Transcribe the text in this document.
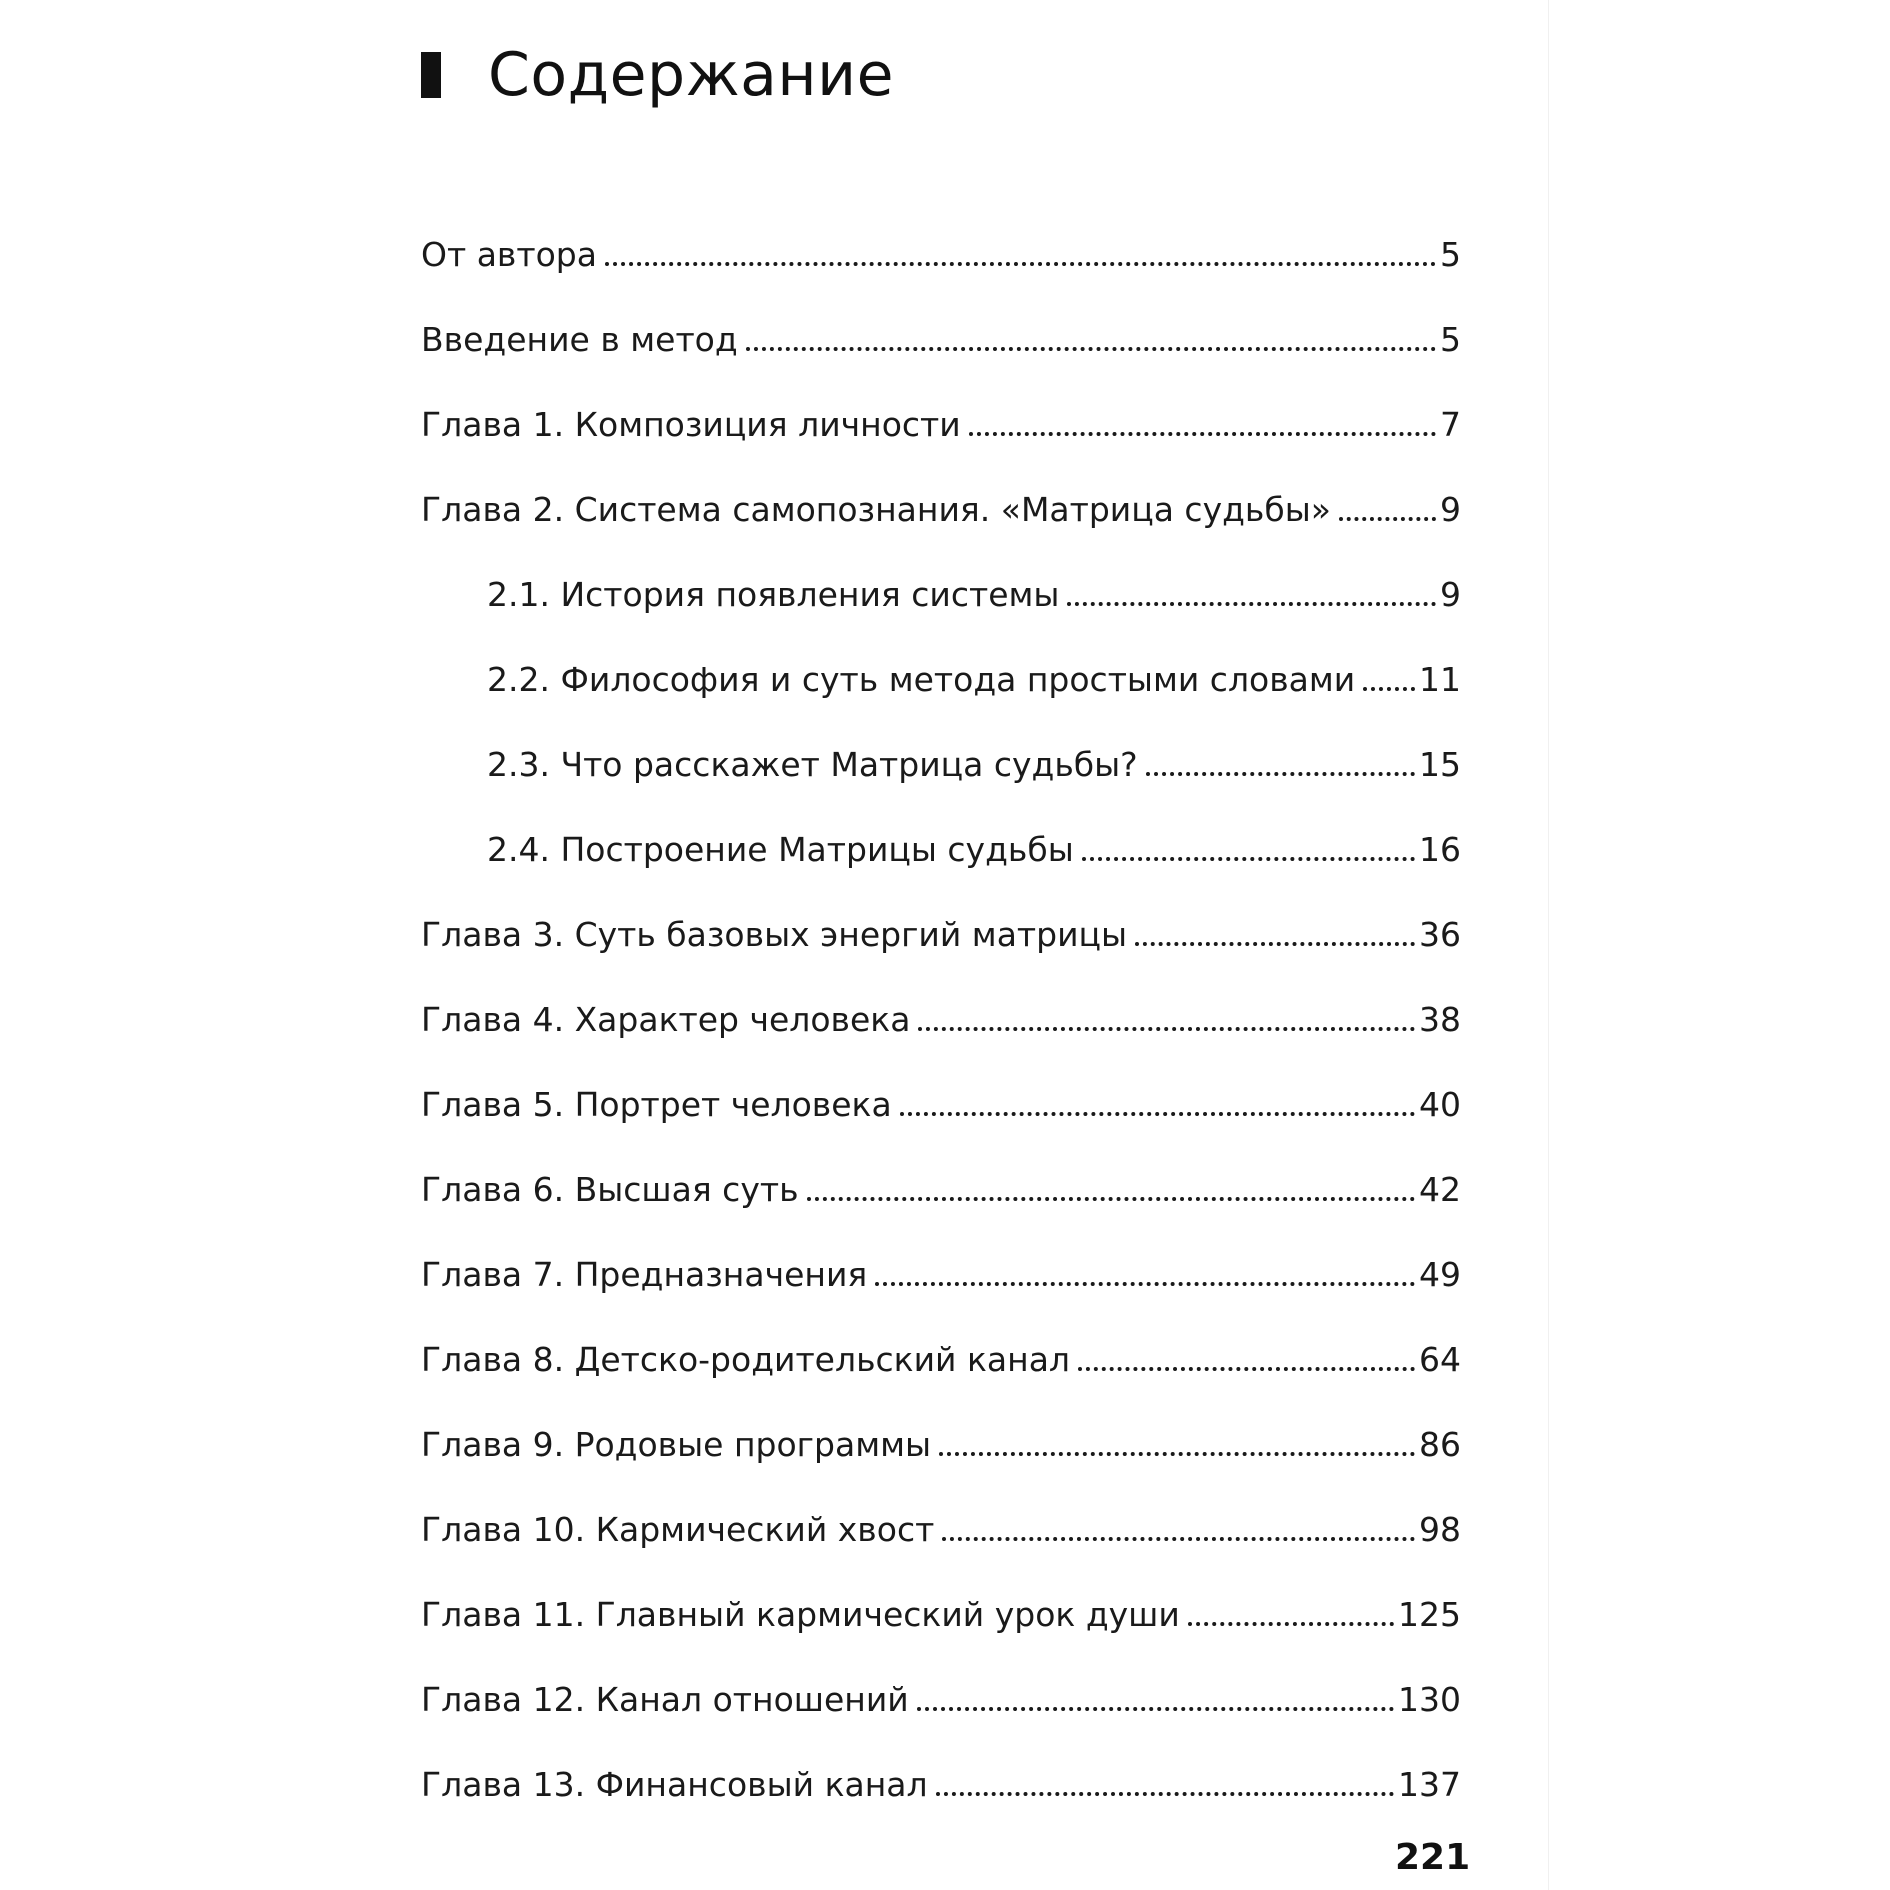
Содержание
От автора	5
Введение в метод	5
Глава 1. Композиция личности	7
Глава 2. Система самопознания. «Матрица судьбы»	9
2.1. История появления системы	9
2.2. Философия и суть метода простыми словами 11
2.3. Что расскажет Матрица судьбы?	15
2.4. Построение Матрицы судьбы	16
Глава 3. Суть базовых энергий матрицы	36
Глава 4. Характер человека	38
Глава 5. Портрет человека	40
Глава 6. Высшая суть	42
Глава 7. Предназначения	49
Глава 8. Детско-родительский канал	64
Глава 9. Родовые программы	86
Глава 10. Кармический хвост	98
Глава 11. Главный кармический урок души	125
Глава 12. Канал отношений	130
Глава 13. Финансовый канал	137
221
